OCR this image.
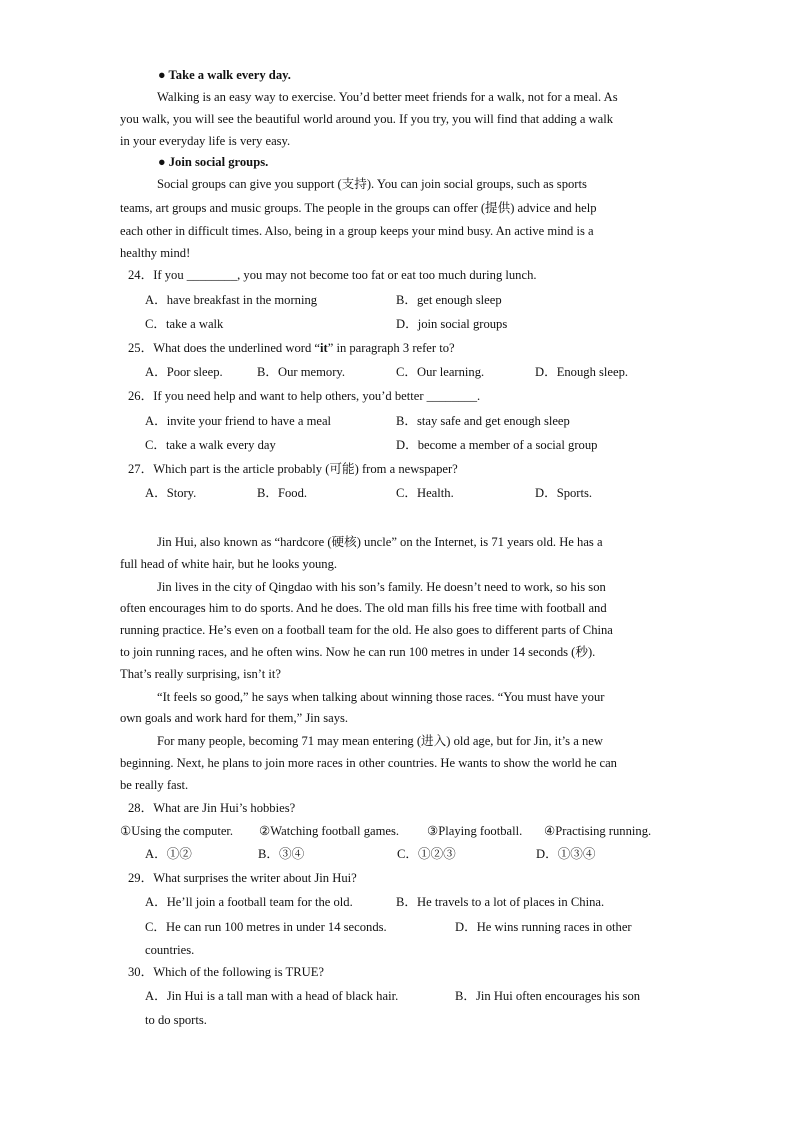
● Take a walk every day.
Walking is an easy way to exercise. You’d better meet friends for a walk, not for a meal. As
you walk, you will see the beautiful world around you. If you try, you will find that adding a walk
in your everyday life is very easy.
● Join social groups.
Social groups can give you support (支持). You can join social groups, such as sports
teams, art groups and music groups. The people in the groups can offer (提供) advice and help
each other in difficult times. Also, being in a group keeps your mind busy. An active mind is a
healthy mind!
24．If you ________, you may not become too fat or eat too much during lunch.
A．have breakfast in the morning	B．get enough sleep
C．take a walk	D．join social groups
25．What does the underlined word “it” in paragraph 3 refer to?
A．Poor sleep.	B．Our memory.	C．Our learning.	D．Enough sleep.
26．If you need help and want to help others, you’d better ________.
A．invite your friend to have a meal	B．stay safe and get enough sleep
C．take a walk every day	D．become a member of a social group
27．Which part is the article probably (可能) from a newspaper?
A．Story.	B．Food.	C．Health.	D．Sports.
Jin Hui, also known as “hardcore (硬核) uncle” on the Internet, is 71 years old. He has a
full head of white hair, but he looks young.
Jin lives in the city of Qingdao with his son’s family. He doesn’t need to work, so his son
often encourages him to do sports. And he does. The old man fills his free time with football and
running practice. He’s even on a football team for the old. He also goes to different parts of China
to join running races, and he often wins. Now he can run 100 metres in under 14 seconds (秒).
That’s really surprising, isn’t it?
“It feels so good,” he says when talking about winning those races. “You must have your
own goals and work hard for them,” Jin says.
For many people, becoming 71 may mean entering (进入) old age, but for Jin, it’s a new
beginning. Next, he plans to join more races in other countries. He wants to show the world he can
be really fast.
28．What are Jin Hui’s hobbies?
①Using the computer. ②Watching football games. ③Playing football. ④Practising running.
A．①②	B．③④	C．①②③	D．①③④
29．What surprises the writer about Jin Hui?
A．He’ll join a football team for the old.	B．He travels to a lot of places in China.
C．He can run 100 metres in under 14 seconds.	D．He wins running races in other
countries.
30．Which of the following is TRUE?
A．Jin Hui is a tall man with a head of black hair.	B．Jin Hui often encourages his son
to do sports.
